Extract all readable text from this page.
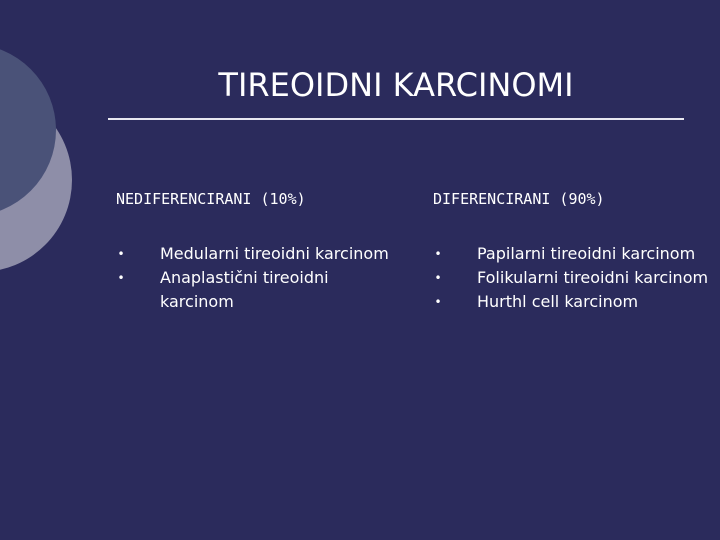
TIREOIDNI KARCINOMI

NEDIFERENCIRANI (10%)

• Medularni tireoidni karcinom
• Anaplastični tireoidni karcinom

DIFERENCIRANI (90%)

• Papilarni tireoidni karcinom
• Folikularni tireoidni karcinom
• Hurthl cell karcinom
